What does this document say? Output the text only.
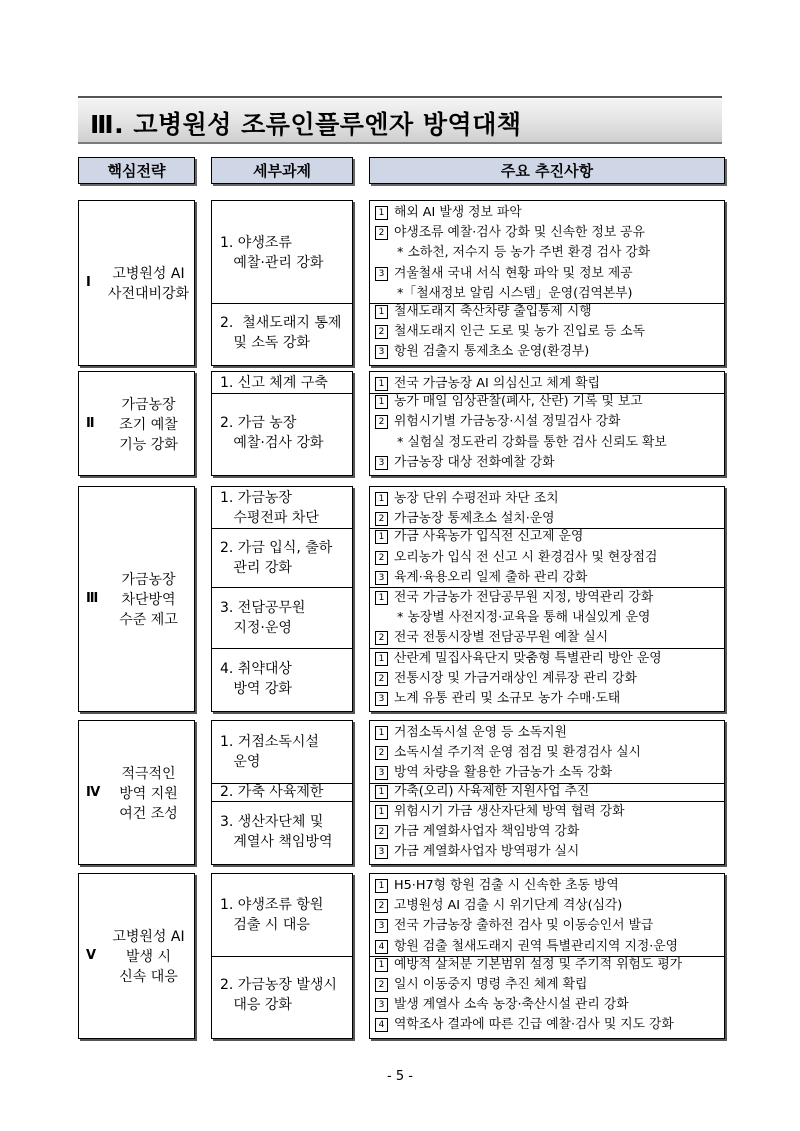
Ⅲ. 고병원성 조류인플루엔자 방역대책
핵심전략	세부과제	주요 추진사항
Ⅰ
고병원성 AI
사전대비강화
1. 야생조류
예찰·관리 강화
2.  철새도래지 통제
및 소독 강화
1 해외 AI 발생 정보 파악
2 야생조류 예찰·검사 강화 및 신속한 정보 공유
* 소하천, 저수지 등 농가 주변 환경 검사 강화
3 겨울철새 국내 서식 현황 파악 및 정보 제공
*「철새정보 알림 시스템」운영(검역본부)
1 철새도래지 축산차량 출입통제 시행
2 철새도래지 인근 도로 및 농가 진입로 등 소독
3 항원 검출지 통제초소 운영(환경부)
Ⅱ
가금농장
조기 예찰
기능 강화
1. 신고 체계 구축
2. 가금 농장
예찰·검사 강화
1 전국 가금농장 AI 의심신고 체계 확립
1 농가 매일 임상관찰(폐사, 산란) 기록 및 보고
2 위험시기별 가금농장·시설 정밀검사 강화
* 실험실 정도관리 강화를 통한 검사 신뢰도 확보
3 가금농장 대상 전화예찰 강화
Ⅲ
가금농장
차단방역
수준 제고
1. 가금농장
수평전파 차단
2. 가금 입식, 출하
관리 강화
3. 전담공무원
지정·운영
4. 취약대상
방역 강화
1 농장 단위 수평전파 차단 조치
2 가금농장 통제초소 설치·운영
1 가금 사육농가 입식전 신고제 운영
2 오리농가 입식 전 신고 시 환경검사 및 현장점검
3 육계·육용오리 일제 출하 관리 강화
1 전국 가금농가 전담공무원 지정, 방역관리 강화
* 농장별 사전지정·교육을 통해 내실있게 운영
2 전국 전통시장별 전담공무원 예찰 실시
1 산란계 밀집사육단지 맞춤형 특별관리 방안 운영
2 전통시장 및 가금거래상인 계류장 관리 강화
3 노계 유통 관리 및 소규모 농가 수매·도태
Ⅳ
적극적인
방역 지원
여건 조성
1. 거점소독시설
운영
2. 가축 사육제한
3. 생산자단체 및
계열사 책임방역
1 거점소독시설 운영 등 소독지원
2 소독시설 주기적 운영 점검 및 환경검사 실시
3 방역 차량을 활용한 가금농가 소독 강화
1 가축(오리) 사육제한 지원사업 추진
1 위험시기 가금 생산자단체 방역 협력 강화
2 가금 계열화사업자 책임방역 강화
3 가금 계열화사업자 방역평가 실시
Ⅴ
고병원성 AI
발생 시
신속 대응
1. 야생조류 항원
검출 시 대응
2. 가금농장 발생시
대응 강화
1 H5·H7형 항원 검출 시 신속한 초동 방역
2 고병원성 AI 검출 시 위기단계 격상(심각)
3 전국 가금농장 출하전 검사 및 이동승인서 발급
4 항원 검출 철새도래지 권역 특별관리지역 지정·운영
1 예방적 살처분 기본범위 설정 및 주기적 위험도 평가
2 일시 이동중지 명령 추진 체계 확립
3 발생 계열사 소속 농장·축산시설 관리 강화
4 역학조사 결과에 따른 긴급 예찰·검사 및 지도 강화
- 5 -
